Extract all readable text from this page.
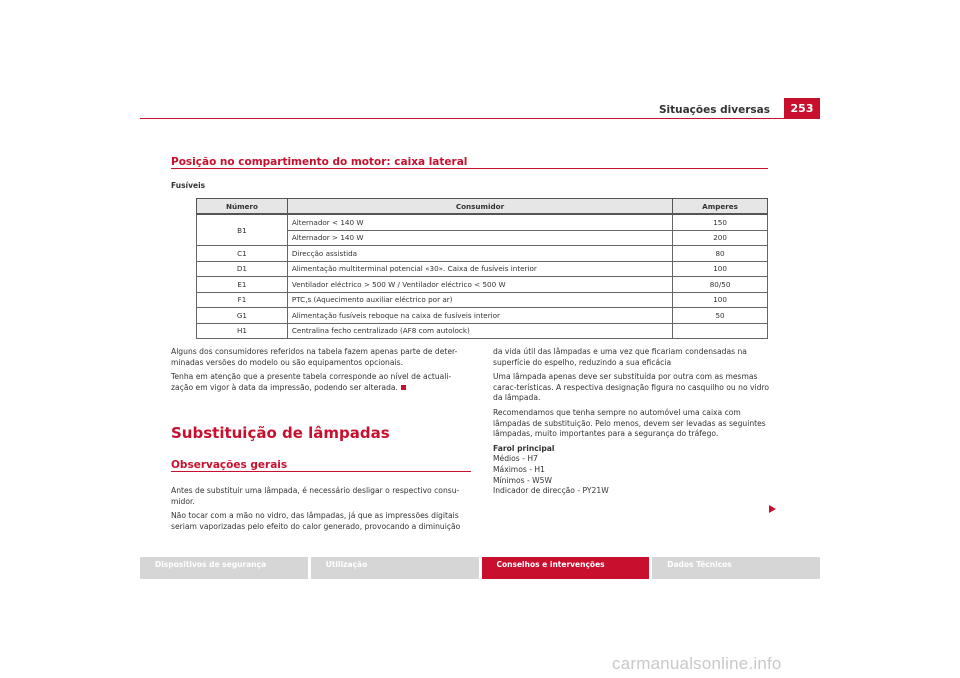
Situações diversas	253
Posição no compartimento do motor: caixa lateral
Fusíveis
Número	Consumidor	Amperes
B1	Alternador < 140 W	150
	Alternador > 140 W	200
C1	Direcção assistida	80
D1	Alimentação multiterminal potencial «30». Caixa de fusíveis interior	100
E1	Ventilador eléctrico > 500 W / Ventilador eléctrico < 500 W	80/50
F1	PTC,s (Aquecimento auxiliar eléctrico por ar)	100
G1	Alimentação fusíveis reboque na caixa de fusíveis interior	50
H1	Centralina fecho centralizado (AF8 com autolock)	

Alguns dos consumidores referidos na tabela fazem apenas parte de deter-minadas versões do modelo ou são equipamentos opcionais.

Tenha em atenção que a presente tabela corresponde ao nível de actuali-zação em vigor à data da impressão, podendo ser alterada.

Substituição de lâmpadas
Observações gerais

Antes de substituir uma lâmpada, é necessário desligar o respectivo consu-midor.

Não tocar com a mão no vidro, das lâmpadas, já que as impressões digitais seriam vaporizadas pelo efeito do calor generado, provocando a diminuição

da vida útil das lâmpadas e uma vez que ficariam condensadas na superfície do espelho, reduzindo a sua eficácia

Uma lâmpada apenas deve ser substituída por outra com as mesmas carac-terísticas. A respectiva designação figura no casquilho ou no vidro da lâmpada.

Recomendamos que tenha sempre no automóvel uma caixa com lâmpadas de substituição. Pelo menos, devem ser levadas as seguintes lâmpadas, muito importantes para a segurança do tráfego.

Farol principal
Médios - H7
Máximos - H1
Mínimos - W5W
Indicador de direcção - PY21W
Dispositivos de segurança	Utilização	Conselhos e intervenções	Dados Técnicos
carmanualsonline.info
